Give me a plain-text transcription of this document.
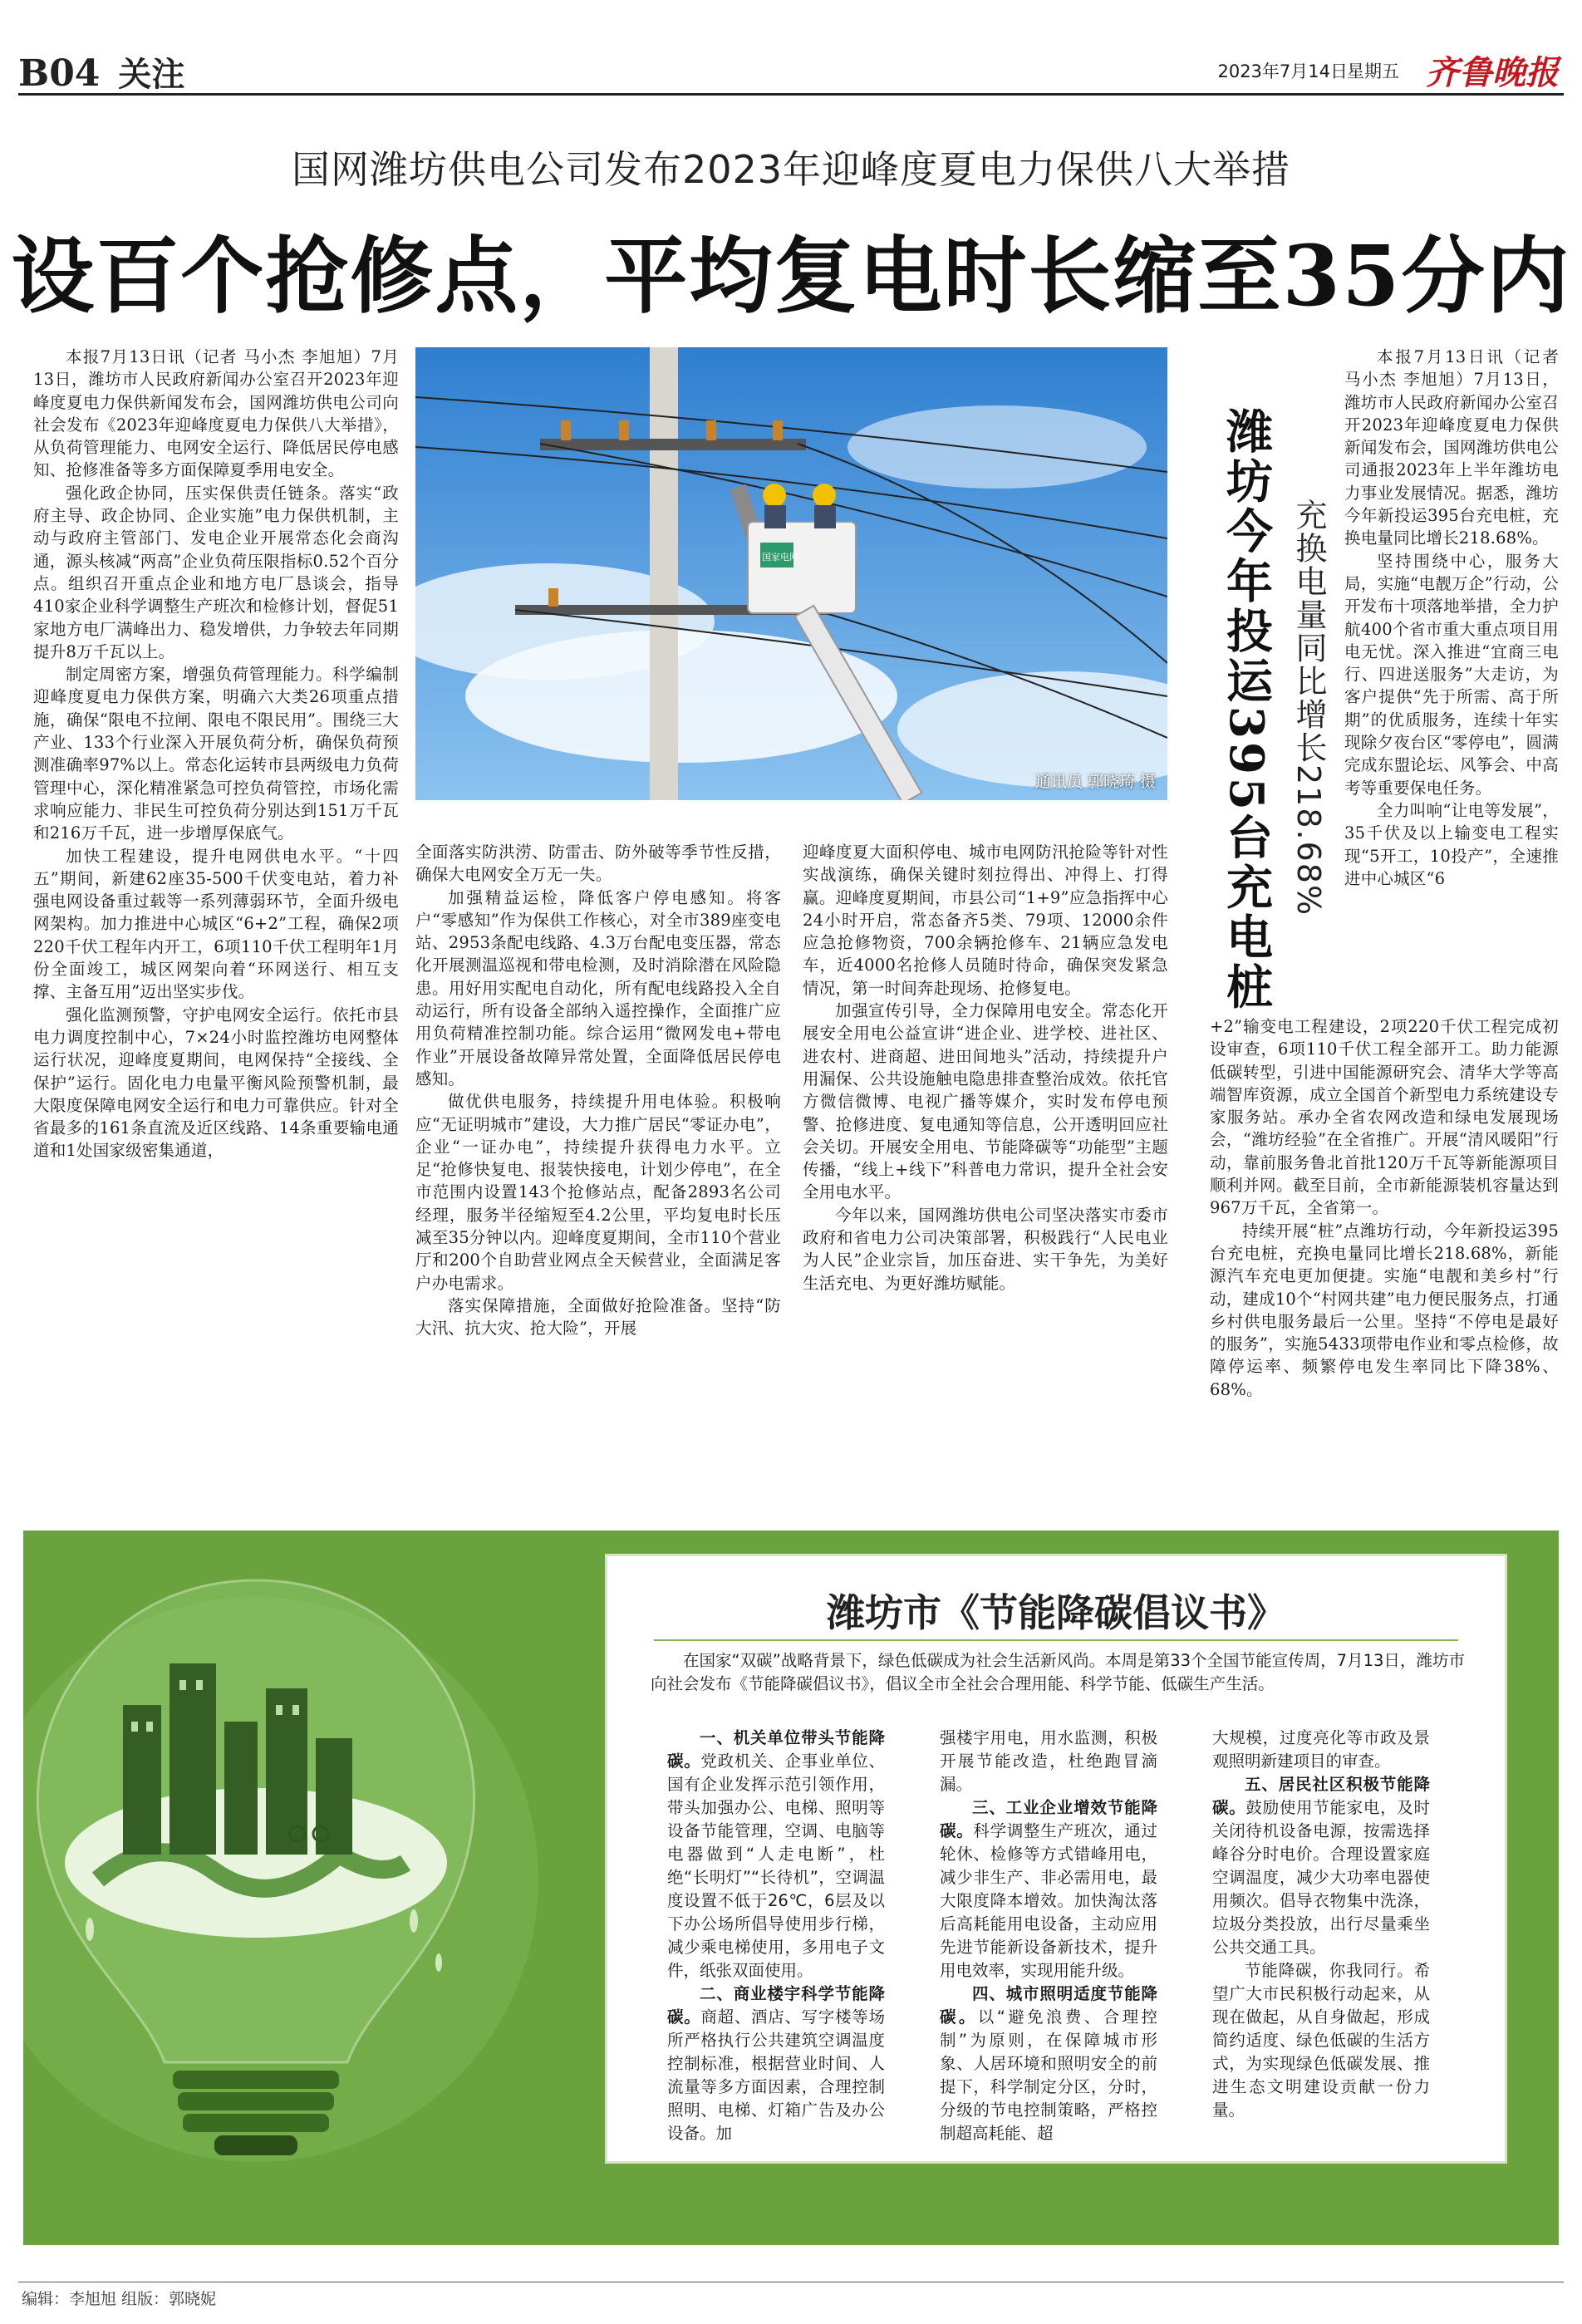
B04 关注	2023年7月14日 星期五 齐鲁晚报
国网潍坊供电公司发布2023年迎峰度夏电力保供八大举措
设百个抢修点，平均复电时长缩至35分内

本报7月13日讯（记者 马小杰 李旭旭）7月13日，潍坊市人民政府新闻办公室召开2023年迎峰度夏电力保供新闻发布会，国网潍坊供电公司向社会发布《2023年迎峰度夏电力保供八大举措》，从负荷管理能力、电网安全运行、降低居民停电感知、抢修准备等多方面保障夏季用电安全。

强化政企协同，压实保供责任链条。落实“政府主导、政企协同、企业实施”电力保供机制，主动与政府主管部门、发电企业开展常态化会商沟通，源头核减“两高”企业负荷压限指标0.52个百分点。组织召开重点企业和地方电厂恳谈会，指导410家企业科学调整生产班次和检修计划，督促51家地方电厂满峰出力、稳发增供，力争较去年同期提升8万千瓦以上。

制定周密方案，增强负荷管理能力。科学编制迎峰度夏电力保供方案，明确六大类26项重点措施，确保“限电不拉闸、限电不限民用”。围绕三大产业、133个行业深入开展负荷分析，确保负荷预测准确率97%以上。常态化运转市县两级电力负荷管理中心，深化精准紧急可控负荷管控，市场化需求响应能力、非民生可控负荷分别达到151万千瓦和216万千瓦，进一步增厚保底气。

加快工程建设，提升电网供电水平。“十四五”期间，新建62座35-500千伏变电站，着力补强电网设备重过载等一系列薄弱环节，全面升级电网架构。加力推进中心城区“6+2”工程，确保2项220千伏工程年内开工，6项110千伏工程明年1月份全面竣工，城区网架向着“环网送行、相互支撑、主备互用”迈出坚实步伐。

强化监测预警，守护电网安全运行。依托市县电力调度控制中心，7×24小时监控潍坊电网整体运行状况，迎峰度夏期间，电网保持“全接线、全保护”运行。固化电力电量平衡风险预警机制，最大限度保障电网安全运行和电力可靠供应。针对全省最多的161条直流及近区线路、14条重要输电通道和1处国家级密集通道，

全面落实防洪涝、防雷击、防外破等季节性反措，确保大电网安全万无一失。

加强精益运检，降低客户停电感知。将客户“零感知”作为保供工作核心，对全市389座变电站、2953条配电线路、4.3万台配电变压器，常态化开展测温巡视和带电检测，及时消除潜在风险隐患。用好用实配电自动化，所有配电线路投入全自动运行，所有设备全部纳入遥控操作，全面推广应用负荷精准控制功能。综合运用“微网发电+带电作业”开展设备故障异常处置，全面降低居民停电感知。

做优供电服务，持续提升用电体验。积极响应“无证明城市”建设，大力推广居民“零证办电”，企业“一证办电”，持续提升获得电力水平。立足“抢修快复电、报装快接电，计划少停电”，在全市范围内设置143个抢修站点，配备2893名公司经理，服务半径缩短至4.2公里，平均复电时长压减至35分钟以内。迎峰度夏期间，全市110个营业厅和200个自助营业网点全天候营业，全面满足客户办电需求。

落实保障措施，全面做好抢险准备。坚持“防大汛、抗大灾、抢大险”，开展

迎峰度夏大面积停电、城市电网防汛抢险等针对性实战演练，确保关键时刻拉得出、冲得上、打得赢。迎峰度夏期间，市县公司“1+9”应急指挥中心24小时开启，常态备齐5类、79项、12000余件应急抢修物资，700余辆抢修车、21辆应急发电车，近4000名抢修人员随时待命，确保突发紧急情况，第一时间奔赴现场、抢修复电。

加强宣传引导，全力保障用电安全。常态化开展安全用电公益宣讲“进企业、进学校、进社区、进农村、进商超、进田间地头”活动，持续提升户用漏保、公共设施触电隐患排查整治成效。依托官方微信微博、电视广播等媒介，实时发布停电预警、抢修进度、复电通知等信息，公开透明回应社会关切。开展安全用电、节能降碳等“功能型”主题传播，“线上+线下”科普电力常识，提升全社会安全用电水平。

今年以来，国网潍坊供电公司坚决落实市委市政府和省电力公司决策部署，积极践行“人民电业为人民”企业宗旨，加压奋进、实干争先，为美好生活充电、为更好潍坊赋能。

国家电网
通讯员 郭晓琦 摄 潍坊今年投运395台充电桩 充换电量同比增长218.68%

本报7月13日讯（记者 马小杰 李旭旭）7月13日，潍坊市人民政府新闻办公室召开2023年迎峰度夏电力保供新闻发布会，国网潍坊供电公司通报2023年上半年潍坊电力事业发展情况。据悉，潍坊今年新投运395台充电桩，充换电量同比增长218.68%。

坚持围绕中心，服务大局，实施“电靓万企”行动，公开发布十项落地举措，全力护航400个省市重大重点项目用电无忧。深入推进“宜商三电行、四进送服务”大走访，为客户提供“先于所需、高于所期”的优质服务，连续十年实现除夕夜台区“零停电”，圆满完成东盟论坛、风筝会、中高考等重要保电任务。

全力叫响“让电等发展”，35千伏及以上输变电工程实现“5开工，10投产”，全速推进中心城区“6

+2”输变电工程建设，2项220千伏工程完成初设审查，6项110千伏工程全部开工。助力能源低碳转型，引进中国能源研究会、清华大学等高端智库资源，成立全国首个新型电力系统建设专家服务站。承办全省农网改造和绿电发展现场会，“潍坊经验”在全省推广。开展“清风暖阳”行动，靠前服务鲁北首批120万千瓦等新能源项目顺利并网。截至目前，全市新能源装机容量达到967万千瓦，全省第一。

持续开展“桩”点潍坊行动，今年新投运395台充电桩，充换电量同比增长218.68%，新能源汽车充电更加便捷。实施“电靓和美乡村”行动，建成10个“村网共建”电力便民服务点，打通乡村供电服务最后一公里。坚持“不停电是最好的服务”，实施5433项带电作业和零点检修，故障停运率、频繁停电发生率同比下降38%、68%。

潍坊市《节能降碳倡议书》
在国家“双碳”战略背景下，绿色低碳成为社会生活新风尚。本周是第33个全国节能宣传周，7月13日，潍坊市向社会发布《节能降碳倡议书》，倡议全市全社会合理用能、科学节能、低碳生产生活。

一、机关单位带头节能降碳。党政机关、企事业单位、国有企业发挥示范引领作用，带头加强办公、电梯、照明等设备节能管理，空调、电脑等电器做到“人走电断”，杜绝“长明灯”“长待机”，空调温度设置不低于26℃，6层及以下办公场所倡导使用步行梯，减少乘电梯使用，多用电子文件，纸张双面使用。

二、商业楼宇科学节能降碳。商超、酒店、写字楼等场所严格执行公共建筑空调温度控制标准，根据营业时间、人流量等多方面因素，合理控制照明、电梯、灯箱广告及办公设备。加

强楼宇用电，用水监测，积极开展节能改造，杜绝跑冒滴漏。

三、工业企业增效节能降碳。科学调整生产班次，通过轮休、检修等方式错峰用电，减少非生产、非必需用电，最大限度降本增效。加快淘汰落后高耗能用电设备，主动应用先进节能新设备新技术，提升用电效率，实现用能升级。

四、城市照明适度节能降碳。以“避免浪费、合理控制”为原则，在保障城市形象、人居环境和照明安全的前提下，科学制定分区，分时，分级的节电控制策略，严格控制超高耗能、超

大规模，过度亮化等市政及景观照明新建项目的审查。

五、居民社区积极节能降碳。鼓励使用节能家电，及时关闭待机设备电源，按需选择峰谷分时电价。合理设置家庭空调温度，减少大功率电器使用频次。倡导衣物集中洗涤，垃圾分类投放，出行尽量乘坐公共交通工具。

节能降碳，你我同行。希望广大市民积极行动起来，从现在做起，从自身做起，形成简约适度、绿色低碳的生活方式，为实现绿色低碳发展、推进生态文明建设贡献一份力量。

编辑：李旭旭 组版：郭晓妮
